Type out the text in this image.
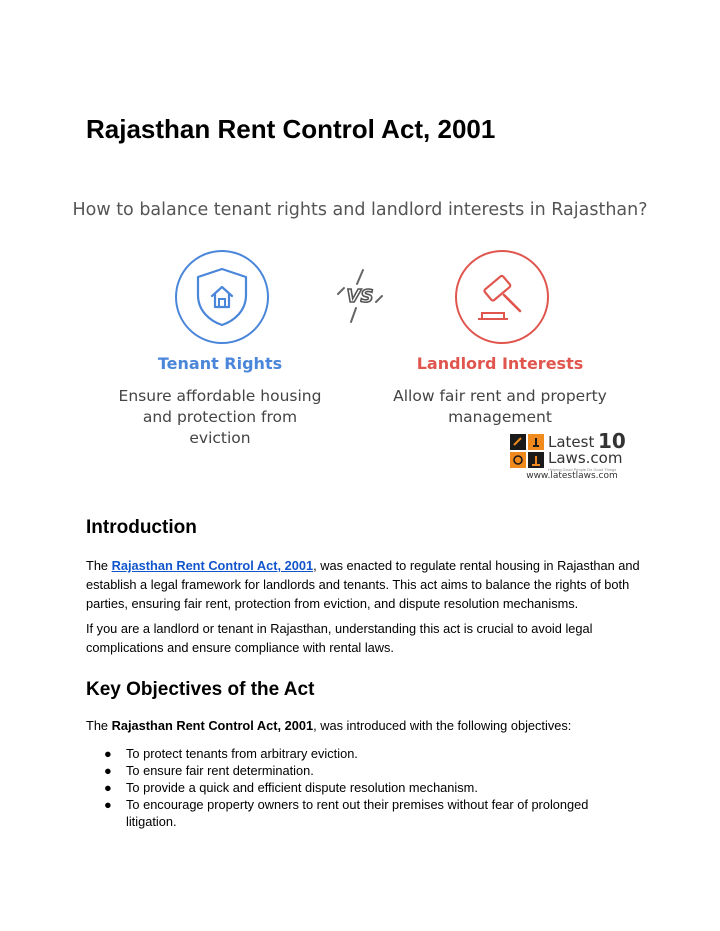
Rajasthan Rent Control Act, 2001
How to balance tenant rights and landlord interests in Rajasthan?
VS
Tenant Rights	Landlord Interests
Ensure affordable housing
and protection from
eviction
Allow fair rent and property
management
Latest
Laws.com
10
Helping Good People Do Good Things
www.latestlaws.com
Introduction

The Rajasthan Rent Control Act, 2001, was enacted to regulate rental housing in Rajasthan and establish a legal framework for landlords and tenants. This act aims to balance the rights of both parties, ensuring fair rent, protection from eviction, and dispute resolution mechanisms.

If you are a landlord or tenant in Rajasthan, understanding this act is crucial to avoid legal complications and ensure compliance with rental laws.

Key Objectives of the Act

The Rajasthan Rent Control Act, 2001, was introduced with the following objectives:

● To protect tenants from arbitrary eviction.
● To ensure fair rent determination.
● To provide a quick and efficient dispute resolution mechanism.
● To encourage property owners to rent out their premises without fear of prolonged litigation.
